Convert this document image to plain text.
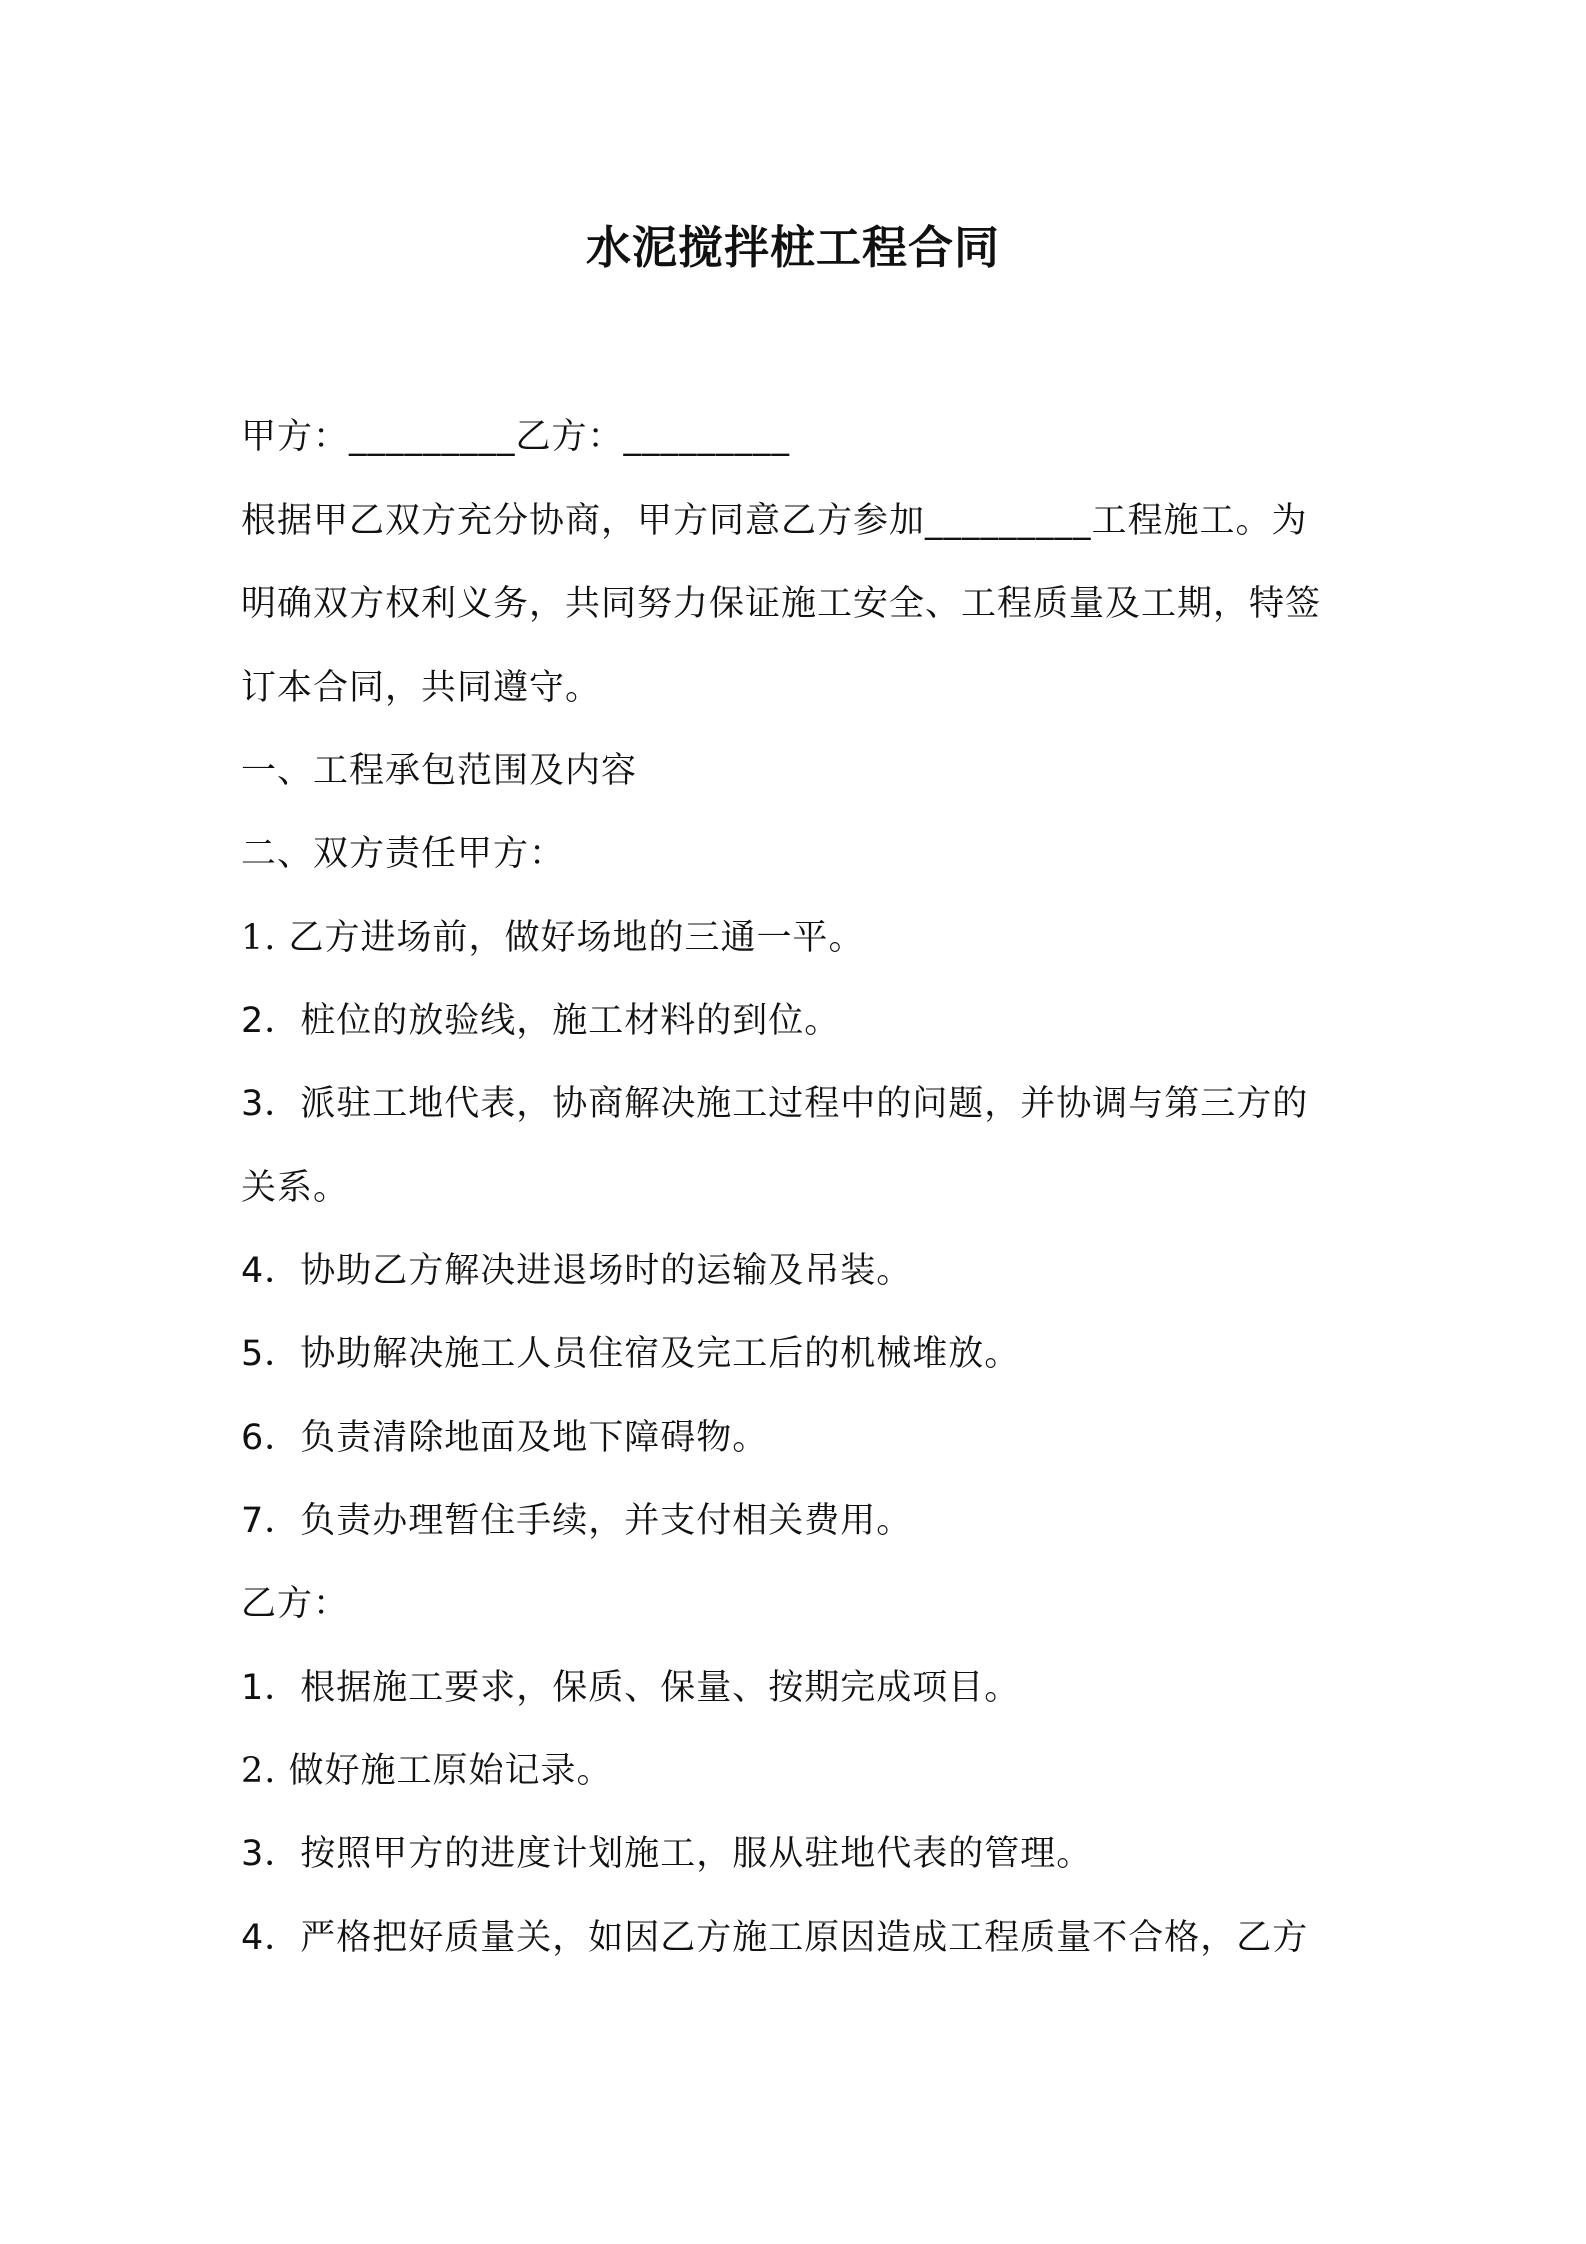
水泥搅拌桩工程合同
甲方：_________乙方：_________
根据甲乙双方充分协商，甲方同意乙方参加_________工程施工。为
明确双方权利义务，共同努力保证施工安全、工程质量及工期，特签
订本合同，共同遵守。
一、工程承包范围及内容
二、双方责任甲方：
1. 乙方进场前，做好场地的三通一平。
2．桩位的放验线，施工材料的到位。
3．派驻工地代表，协商解决施工过程中的问题，并协调与第三方的
关系。
4．协助乙方解决进退场时的运输及吊装。
5．协助解决施工人员住宿及完工后的机械堆放。
6．负责清除地面及地下障碍物。
7．负责办理暂住手续，并支付相关费用。
乙方：
1．根据施工要求，保质、保量、按期完成项目。
2. 做好施工原始记录。
3．按照甲方的进度计划施工，服从驻地代表的管理。
4．严格把好质量关，如因乙方施工原因造成工程质量不合格，乙方
